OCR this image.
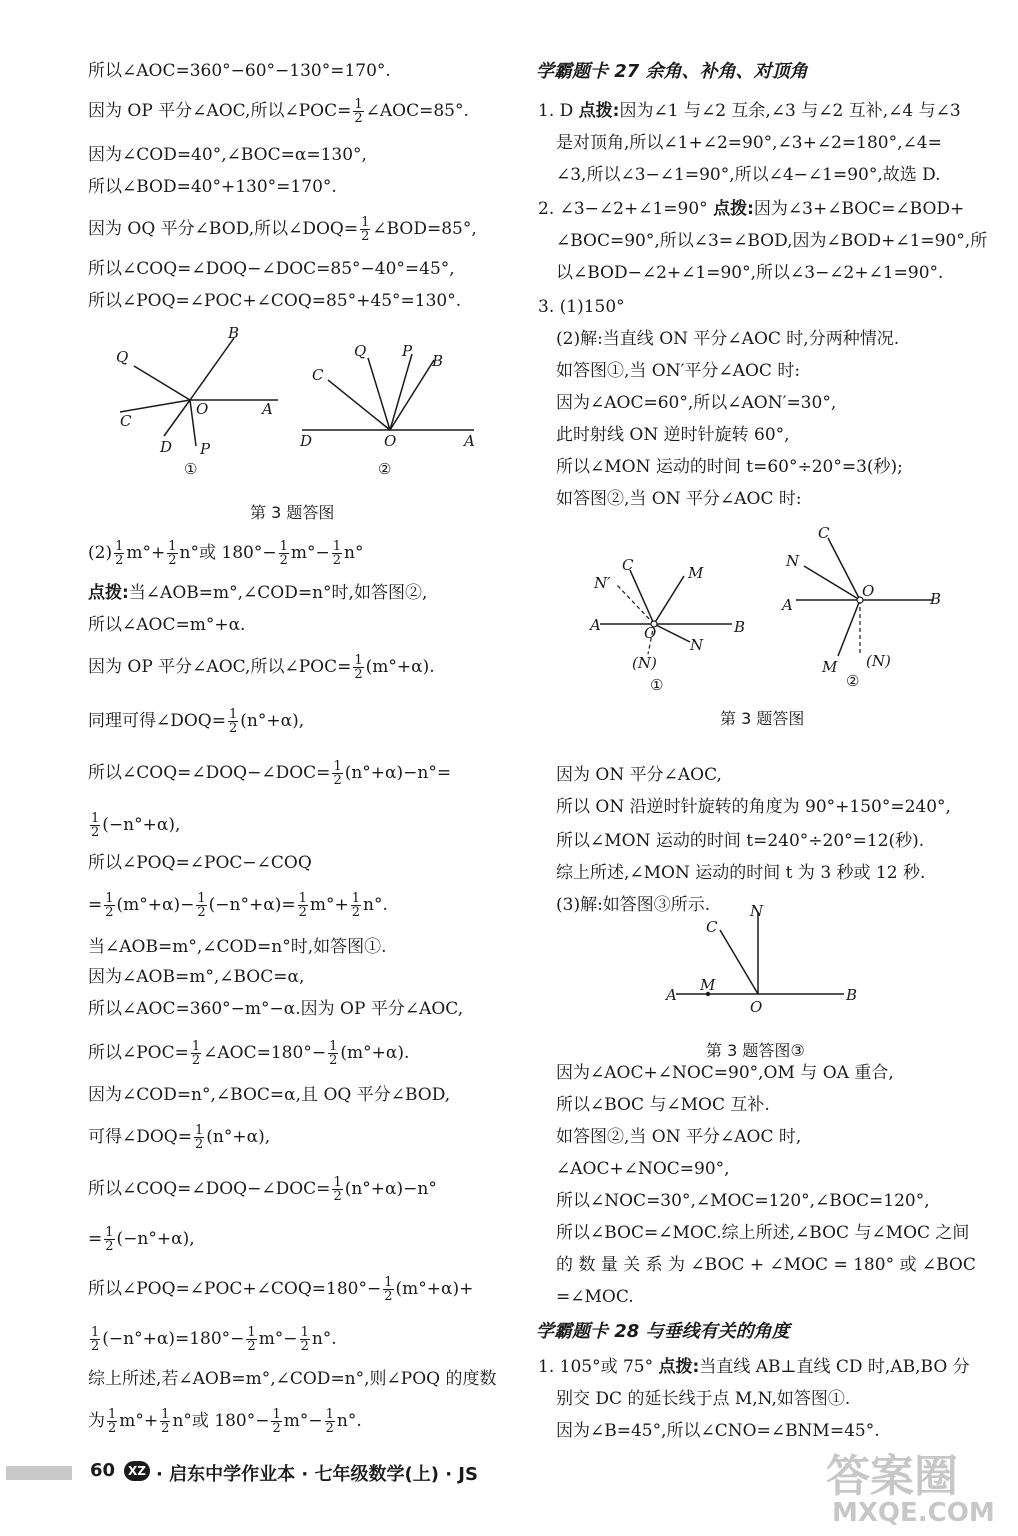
所以∠AOC=360°−60°−130°=170°.
因为 OP 平分∠AOC,所以∠POC= $\frac{1}{2}$ ∠AOC=85°.
因为∠COD=40°,∠BOC=α=130°,
所以∠BOD=40°+130°=170°.
因为 OQ 平分∠BOD,所以∠DOQ= $\frac{1}{2}$ ∠BOD=85°,
所以∠COQ=∠DOQ−∠DOC=85°−40°=45°,
所以∠POQ=∠POC+∠COQ=85°+45°=130°.
B
Q
O	A
C
D P
①
C
Q P
B
D	O	A
②
第 3 题答图
$(2) \frac{1}{2} m^\circ+ \frac{1}{2} n^\circ$或 $180^\circ- \frac{1}{2} m^\circ- \frac{1}{2} n^\circ$
点拨:当∠AOB=m°,∠COD=n°时,如答图②,
所以∠AOC=m°+α.
因为 OP 平分∠AOC,所以∠POC= $\frac{1}{2} (m^\circ+\alpha)$.
同理可得∠DOQ= $\frac{1}{2} (n^\circ+\alpha)$,
所以∠COQ=∠DOQ−∠DOC= $\frac{1}{2} (n^\circ+\alpha)-n^\circ=$
$\frac{1}{2} (-n^\circ+\alpha)$,
所以∠POQ=∠POC−∠COQ
= $\frac{1}{2} (m^\circ+\alpha)- \frac{1}{2} (-n^\circ+\alpha)= \frac{1}{2} m^\circ+ \frac{1}{2} n^\circ$.
当∠AOB=m°,∠COD=n°时,如答图①.
因为∠AOB=m°,∠BOC=α,
所以∠AOC=360°−m°−α.因为 OP 平分∠AOC,
所以∠POC= $\frac{1}{2}$ ∠AOC=180°− $\frac{1}{2} (m^\circ+\alpha)$.
因为∠COD=n°,∠BOC=α,且 OQ 平分∠BOD,
可得∠DOQ= $\frac{1}{2} (n^\circ+\alpha)$,
所以∠COQ=∠DOQ−∠DOC= $\frac{1}{2} (n^\circ+\alpha)-n^\circ$
= $\frac{1}{2} (-n^\circ+\alpha)$,
所以∠POQ=∠POC+∠COQ=180°− $\frac{1}{2} (m^\circ+\alpha)+$
$\frac{1}{2} (-n^\circ+\alpha)=180^\circ- \frac{1}{2} m^\circ- \frac{1}{2} n^\circ$.
综上所述,若∠AOB=m°,∠COD=n°,则∠POQ 的度数
为 $\frac{1}{2} m^\circ+ \frac{1}{2} n^\circ$或 $180^\circ- \frac{1}{2} m^\circ- \frac{1}{2} n^\circ$.
学霸题卡 27 余角、补角、对顶角
1. D 点拨:因为∠1 与∠2 互余,∠3 与∠2 互补,∠4 与∠3
是对顶角,所以∠1+∠2=90°,∠3+∠2=180°,∠4=
∠3,所以∠3−∠1=90°,所以∠4−∠1=90°,故选 D.
2. ∠3−∠2+∠1=90° 点拨:因为∠3+∠BOC=∠BOD+
∠BOC=90°,所以∠3=∠BOD,因为∠BOD+∠1=90°,所
以∠BOD−∠2+∠1=90°,所以∠3−∠2+∠1=90°.
3. (1)150°
(2)解:当直线 ON 平分∠AOC 时,分两种情况.
如答图①,当 ON′平分∠AOC 时:
因为∠AOC=60°,所以∠AON′=30°,
此时射线 ON 逆时针旋转 60°,
所以∠MON 运动的时间 t=60°÷20°=3(秒);
如答图②,当 ON 平分∠AOC 时:
N′
C	M
A	O	B
N
(N)
①
C
N
A
O	B
M (N)
②
第 3 题答图
因为 ON 平分∠AOC,
所以 ON 沿逆时针旋转的角度为 90°+150°=240°,
所以∠MON 运动的时间 t=240°÷20°=12(秒).
综上所述,∠MON 运动的时间 t 为 3 秒或 12 秒.
(3)解:如答图③所示.	N
C
A
M
O
B
第 3 题答图③
因为∠AOC+∠NOC=90°,OM 与 OA 重合,
所以∠BOC 与∠MOC 互补.
如答图②,当 ON 平分∠AOC 时,
∠AOC+∠NOC=90°,
所以∠NOC=30°,∠MOC=120°,∠BOC=120°,
所以∠BOC=∠MOC.综上所述,∠BOC 与∠MOC 之间
的 数 量 关 系 为 ∠BOC + ∠MOC = 180° 或 ∠BOC
=∠MOC.
学霸题卡 28 与垂线有关的角度
1. 105°或 75° 点拨:当直线 AB⊥直线 CD 时,AB,BO 分
别交 DC 的延长线于点 M,N,如答图①.
因为∠B=45°,所以∠CNO=∠BNM=45°.
60	XZ · 启东中学作业本 · 七年级数学(上) · JS	答案圈
MXQE.COM
